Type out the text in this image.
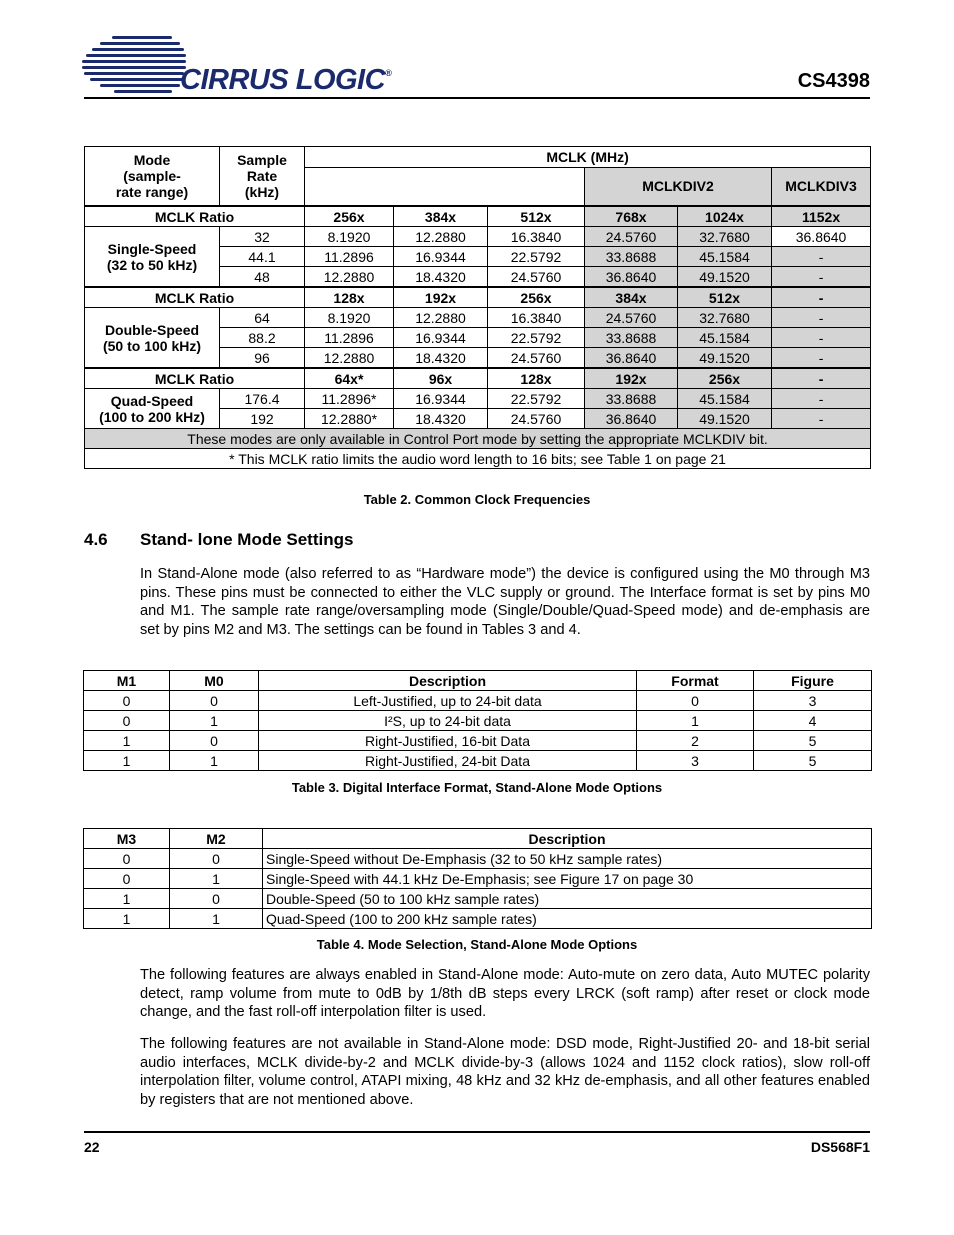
CIRRUS LOGIC®	CS4398
Mode
(sample-
rate range)	Sample
Rate
(kHz)	MCLK (MHz)					
					MCLKDIV2		MCLKDIV3
MCLK Ratio		256x	384x	512x	768x	1024x	1152x
Single-Speed
(32 to 50 kHz)	32	8.1920	12.2880	16.3840	24.5760	32.7680	36.8640
	44.1	11.2896	16.9344	22.5792	33.8688	45.1584	-
	48	12.2880	18.4320	24.5760	36.8640	49.1520	-
MCLK Ratio		128x	192x	256x	384x	512x	-
Double-Speed
(50 to 100 kHz)	64	8.1920	12.2880	16.3840	24.5760	32.7680	-
	88.2	11.2896	16.9344	22.5792	33.8688	45.1584	-
	96	12.2880	18.4320	24.5760	36.8640	49.1520	-
MCLK Ratio		64x*	96x	128x	192x	256x	-
Quad-Speed
(100 to 200 kHz)	176.4	11.2896*	16.9344	22.5792	33.8688	45.1584	-
	192	12.2880*	18.4320	24.5760	36.8640	49.1520	-
These modes are only available in Control Port mode by setting the appropriate MCLKDIV bit.							
* This MCLK ratio limits the audio word length to 16 bits; see Table 1 on page 21							
Table 2. Common Clock Frequencies
4.6 Stand- lone Mode Settings
In Stand-Alone mode (also referred to as “Hardware mode”) the device is configured using the M0 through M3 pins. These pins must be connected to either the VLC supply or ground. The Interface format is set by pins M0 and M1. The sample rate range/oversampling mode (Single/Double/Quad-Speed mode) and de-emphasis are set by pins M2 and M3. The settings can be found in Tables 3 and 4.
M1	M0	Description	Format	Figure
0	0	Left-Justified, up to 24-bit data	0	3
0	1	I²S, up to 24-bit data	1	4
1	0	Right-Justified, 16-bit Data	2	5
1	1	Right-Justified, 24-bit Data	3	5
Table 3. Digital Interface Format, Stand-Alone Mode Options
M3	M2	Description
0	0	Single-Speed without De-Emphasis (32 to 50 kHz sample rates)
0	1	Single-Speed with 44.1 kHz De-Emphasis; see Figure 17 on page 30
1	0	Double-Speed (50 to 100 kHz sample rates)
1	1	Quad-Speed (100 to 200 kHz sample rates)
Table 4. Mode Selection, Stand-Alone Mode Options
The following features are always enabled in Stand-Alone mode: Auto-mute on zero data, Auto MUTEC polarity detect, ramp volume from mute to 0dB by 1/8th dB steps every LRCK (soft ramp) after reset or clock mode change, and the fast roll-off interpolation filter is used.
The following features are not available in Stand-Alone mode: DSD mode, Right-Justified 20- and 18-bit serial audio interfaces, MCLK divide-by-2 and MCLK divide-by-3 (allows 1024 and 1152 clock ratios), slow roll-off interpolation filter, volume control, ATAPI mixing, 48 kHz and 32 kHz de-emphasis, and all other features enabled by registers that are not mentioned above.
22	DS568F1
